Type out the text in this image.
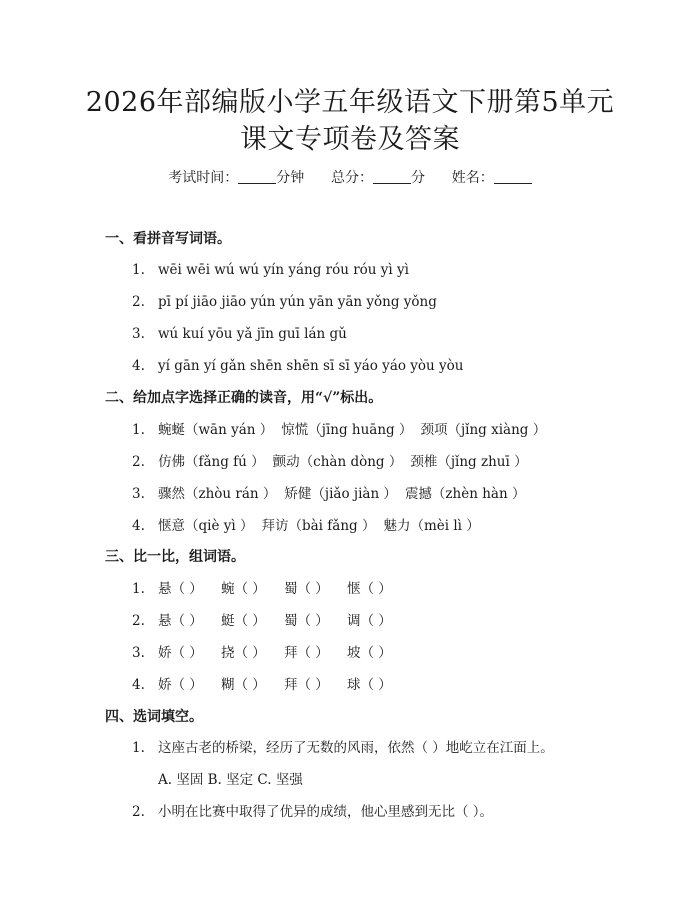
2026年部编版小学五年级语文下册第5单元
课文专项卷及答案
考试时间：	分钟 总分：	分 姓名：
一、看拼音写词语。
1. wēi wēi wú wú yín yáng róu róu yì yì
2. pī pí jiāo jiāo yún yún yān yān yǒng yǒng
3. wú kuí yōu yǎ jīn guī lán gǔ
4. yí gān yí gǎn shēn shēn sī sī yáo yáo yòu yòu
二、给加点字选择正确的读音，用“√”标出。
1. 蜿蜒（wān yán ） 惊慌（jīng huāng ） 颈项（jǐng xiàng ）
2. 仿佛（fǎng fú ） 颤动（chàn dòng ） 颈椎（jǐng zhuī ）
3. 骤然（zhòu rán ） 矫健（jiǎo jiàn ） 震撼（zhèn hàn ）
4. 惬意（qiè yì ） 拜访（bài fǎng ） 魅力（mèi lì ）
三、比一比，组词语。
1. 悬（ ） 蜿（ ） 蜀（ ） 惬（ ）
2. 悬（ ） 蜓（ ） 蜀（ ） 调（ ）
3. 娇（ ） 挠（ ） 拜（ ） 坡（ ）
4. 娇（ ） 糊（ ） 拜（ ） 球（ ）
四、选词填空。
1. 这座古老的桥梁，经历了无数的风雨，依然（ ）地屹立在江面上。
A. 坚固 B. 坚定 C. 坚强
2. 小明在比赛中取得了优异的成绩，他心里感到无比（ ）。
